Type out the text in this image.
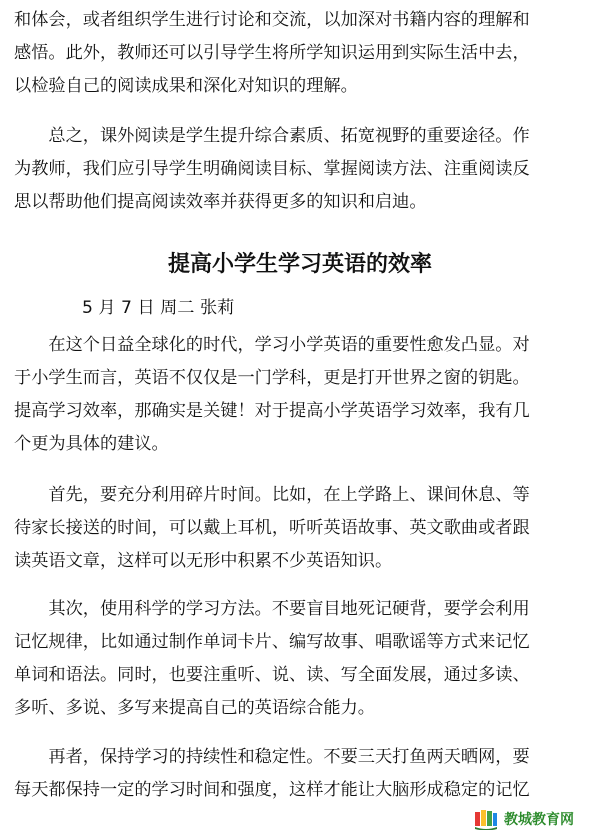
和体会，或者组织学生进行讨论和交流，以加深对书籍内容的理解和
感悟。此外，教师还可以引导学生将所学知识运用到实际生活中去，
以检验自己的阅读成果和深化对知识的理解。
　　总之，课外阅读是学生提升综合素质、拓宽视野的重要途径。作
为教师，我们应引导学生明确阅读目标、掌握阅读方法、注重阅读反
思以帮助他们提高阅读效率并获得更多的知识和启迪。
提高小学生学习英语的效率
5 月 7 日 周二 张莉
　　在这个日益全球化的时代，学习小学英语的重要性愈发凸显。对
于小学生而言，英语不仅仅是一门学科，更是打开世界之窗的钥匙。
提高学习效率，那确实是关键！对于提高小学英语学习效率，我有几
个更为具体的建议。
　　首先，要充分利用碎片时间。比如，在上学路上、课间休息、等
待家长接送的时间，可以戴上耳机，听听英语故事、英文歌曲或者跟
读英语文章，这样可以无形中积累不少英语知识。
　　其次，使用科学的学习方法。不要盲目地死记硬背，要学会利用
记忆规律，比如通过制作单词卡片、编写故事、唱歌谣等方式来记忆
单词和语法。同时，也要注重听、说、读、写全面发展，通过多读、
多听、多说、多写来提高自己的英语综合能力。
　　再者，保持学习的持续性和稳定性。不要三天打鱼两天晒网，要
每天都保持一定的学习时间和强度，这样才能让大脑形成稳定的记忆
教城教育网
